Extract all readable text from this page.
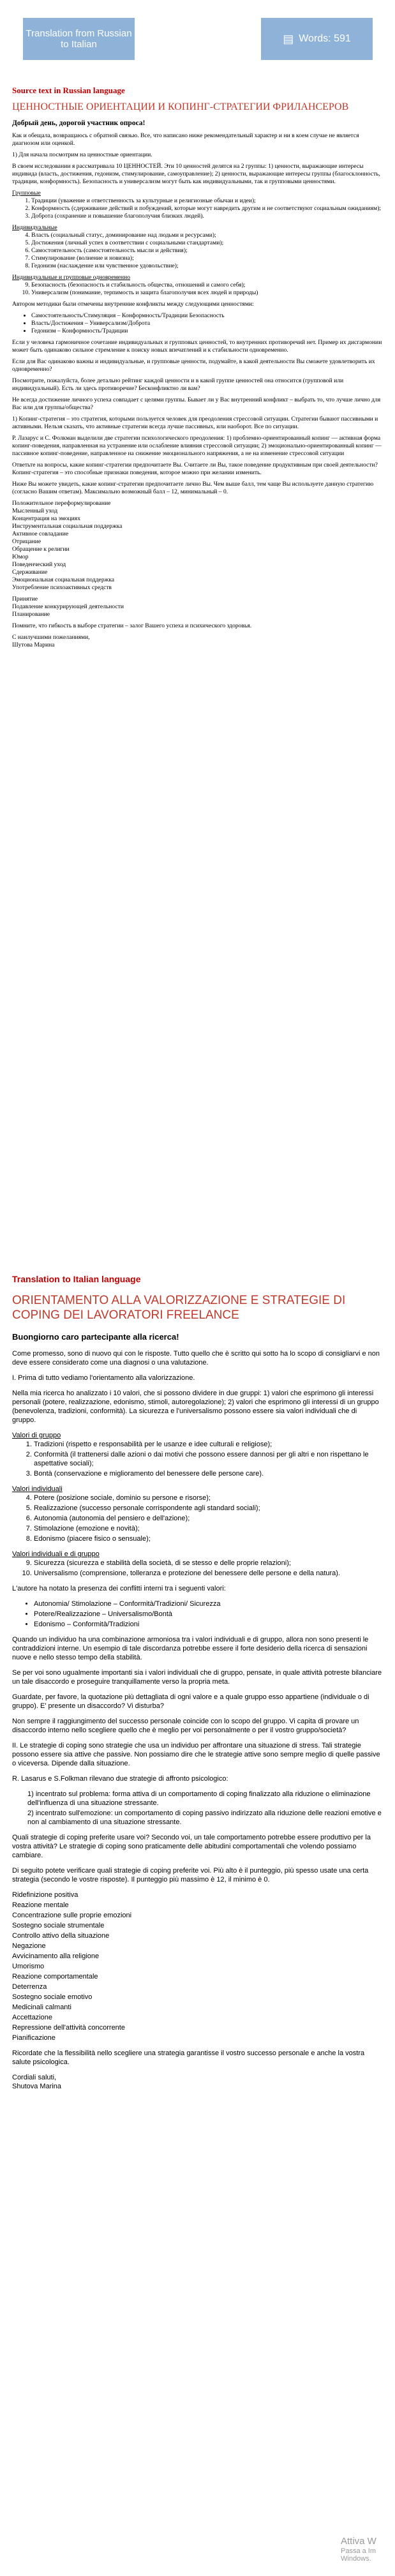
Translation from Russian to Italian	▤ Words: 591
Source text in Russian language
ЦЕННОСТНЫЕ ОРИЕНТАЦИИ И КОПИНГ-СТРАТЕГИИ ФРИЛАНСЕРОВ
Добрый день, дорогой участник опроса!

Как и обещала, возвращаюсь с обратной связью. Все, что написано ниже рекомендательный характер и ни в коем случае не является диагнозом или оценкой.

1) Для начала посмотрим на ценностные ориентации.

В своем исследовании я рассматривала 10 ЦЕННОСТЕЙ. Эти 10 ценностей делятся на 2 группы: 1) ценности, выражающие интересы индивида (власть, достижения, гедонизм, стимулирование, самоуправление); 2) ценности, выражающие интересы группы (благосклонность, традиции, конформность). Безопасность и универсализм могут быть как индивидуальными, так и групповыми ценностями.

Групповые
1. Традиции (уважение и ответственность за культурные и религиозные обычаи и идеи);
2. Конформность (сдерживание действий и побуждений, которые могут навредить другим и не соответствуют социальным ожиданиям);
3. Доброта (сохранение и повышение благополучия близких людей).
Индивидуальные
4. Власть (социальный статус, доминирование над людьми и ресурсами);
5. Достижения (личный успех в соответствии с социальными стандартами);
6. Самостоятельность (самостоятельность мысли и действия);
7. Стимулирование (волнение и новизна);
8. Гедонизм (наслаждение или чувственное удовольствие);
Индивидуальные и групповые одновременно
9. Безопасность (безопасность и стабильность общества, отношений и самого себя);
10. Универсализм (понимание, терпимость и защита благополучия всех людей и природы)

Автором методики были отмечены внутренние конфликты между следующими ценностями:

• Самостоятельность/Стимуляция – Конформность/Традиции Безопасность
• Власть/Достижения – Универсализм/Доброта
• Гедонизм – Конформность/Традиции

Если у человека гармоничное сочетание индивидуальных и групповых ценностей, то внутренних противоречий нет. Пример их дисгармонии может быть одинаково сильное стремление к поиску новых впечатлений и к стабильности одновременно.

Если для Вас одинаково важны и индивидуальные, и групповые ценности, подумайте, в какой деятельности Вы сможете удовлетворить их одновременно?

Посмотрите, пожалуйста, более детально рейтинг каждой ценности и в какой группе ценностей она относится (групповой или индивидуальный). Есть ли здесь противоречие? Бесконфликтно ли вам?

Не всегда достижение личного успеха совпадает с целями группы. Бывает ли у Вас внутренний конфликт – выбрать то, что лучше лично для Вас или для группы/общества?

1) Копинг-стратегия – это стратегия, которыми пользуется человек для преодоления стрессовой ситуации. Стратегии бывают пассивными и активными. Нельзя сказать, что активные стратегии всегда лучше пассивных, или наоборот. Все по ситуации.

Р. Лазарус и С. Фолкман выделили две стратегии психологического преодоления: 1) проблемно-ориентированный копинг — активная форма копинг-поведения, направленная на устранение или ослабление влияния стрессовой ситуации; 2) эмоционально-ориентированный копинг — пассивное копинг-поведение, направленное на снижение эмоционального напряжения, а не на изменение стрессовой ситуации

Ответьте на вопросы, какие копинг-стратегии предпочитаете Вы. Считаете ли Вы, такое поведение продуктивным при своей деятельности? Копинг-стратегия – это способные признаки поведения, которое можно при желании изменить.

Ниже Вы можете увидеть, какие копинг-стратегии предпочитаете лично Вы. Чем выше балл, тем чаще Вы используете данную стратегию (согласно Вашим ответам). Максимально возможный балл – 12, минимальный – 0.

Положительное переформулирование
Мысленный уход
Концентрация на эмоциях
Инструментальная социальная поддержка
Активное совладание
Отрицание
Обращение к религии
Юмор
Поведенческий уход
Сдерживание
Эмоциональная социальная поддержка
Употребление психоактивных средств
Принятие
Подавление конкурирующей деятельности
Планирование

Помните, что гибкость в выборе стратегии – залог Вашего успеха и психического здоровья.

С наилучшими пожеланиями,

Шутова Марина

Translation to Italian language
ORIENTAMENTO ALLA VALORIZZAZIONE E STRATEGIE DI COPING DEI LAVORATORI FREELANCE
Buongiorno caro partecipante alla ricerca!

Come promesso, sono di nuovo qui con le risposte. Tutto quello che è scritto qui sotto ha lo scopo di consigliarvi e non deve essere considerato come una diagnosi o una valutazione.

I. Prima di tutto vediamo l'orientamento alla valorizzazione.

Nella mia ricerca ho analizzato i 10 valori, che si possono dividere in due gruppi: 1) valori che esprimono gli interessi personali (potere, realizzazione, edonismo, stimoli, autoregolazione); 2) valori che esprimono gli interessi di un gruppo (benevolenza, tradizioni, conformità). La sicurezza e l'universalismo possono essere sia valori individuali che di gruppo.

Valori di gruppo
1. Tradizioni (rispetto e responsabilità per le usanze e idee culturali e religiose);
2. Conformità (il trattenersi dalle azioni o dai motivi che possono essere dannosi per gli altri e non rispettano le aspettative sociali);
3. Bontà (conservazione e miglioramento del benessere delle persone care).
Valori individuali
4. Potere (posizione sociale, dominio su persone e risorse);
5. Realizzazione (successo personale corrispondente agli standard sociali);
6. Autonomia (autonomia del pensiero e dell'azione);
7. Stimolazione (emozione e novità);
8. Edonismo (piacere fisico o sensuale);
Valori individuali e di gruppo
9. Sicurezza (sicurezza e stabilità della società, di se stesso e delle proprie relazioni);
10. Universalismo (comprensione, tolleranza e protezione del benessere delle persone e della natura).

L'autore ha notato la presenza dei conflitti interni tra i seguenti valori:

• Autonomia/ Stimolazione – Conformità/Tradizioni/ Sicurezza
• Potere/Realizzazione – Universalismo/Bontà
• Edonismo – Conformità/Tradizioni

Quando un individuo ha una combinazione armoniosa tra i valori individuali e di gruppo, allora non sono presenti le contraddizioni interne. Un esempio di tale discordanza potrebbe essere il forte desiderio della ricerca di sensazioni nuove e nello stesso tempo della stabilità.

Se per voi sono ugualmente importanti sia i valori individuali che di gruppo, pensate, in quale attività potreste bilanciare un tale disaccordo e proseguire tranquillamente verso la propria meta.

Guardate, per favore, la quotazione più dettagliata di ogni valore e a quale gruppo esso appartiene (individuale o di gruppo). E' presente un disaccordo? Vi disturba?

Non sempre il raggiungimento del successo personale coincide con lo scopo del gruppo. Vi capita di provare un disaccordo interno nello scegliere quello che è meglio per voi personalmente o per il vostro gruppo/società?

II. Le strategie di coping sono strategie che usa un individuo per affrontare una situazione di stress. Tali strategie possono essere sia attive che passive. Non possiamo dire che le strategie attive sono sempre meglio di quelle passive o viceversa. Dipende dalla situazione.

R. Lasarus e S.Folkman rilevano due strategie di affronto psicologico:

1) incentrato sul problema: forma attiva di un comportamento di coping finalizzato alla riduzione o eliminazione dell'influenza di una situazione stressante.
2) incentrato sull'emozione: un comportamento di coping passivo indirizzato alla riduzione delle reazioni emotive e non al cambiamento di una situazione stressante.

Quali strategie di coping preferite usare voi? Secondo voi, un tale comportamento potrebbe essere produttivo per la vostra attività? Le strategie di coping sono praticamente delle abitudini comportamentali che volendo possiamo cambiare.

Di seguito potete verificare quali strategie di coping preferite voi. Più alto è il punteggio, più spesso usate una certa strategia (secondo le vostre risposte). Il punteggio più massimo è 12, il minimo è 0.

Ridefinizione positiva
Reazione mentale
Concentrazione sulle proprie emozioni
Sostegno sociale strumentale
Controllo attivo della situazione
Negazione
Avvicinamento alla religione
Umorismo
Reazione comportamentale
Deterrenza
Sostegno sociale emotivo
Medicinali calmanti
Accettazione
Repressione dell'attività concorrente
Pianificazione

Ricordate che la flessibilità nello scegliere una strategia garantisse il vostro successo personale e anche la vostra salute psicologica.

Cordiali saluti,

Shutova Marina

Attiva W
Passa a Im
Windows.
